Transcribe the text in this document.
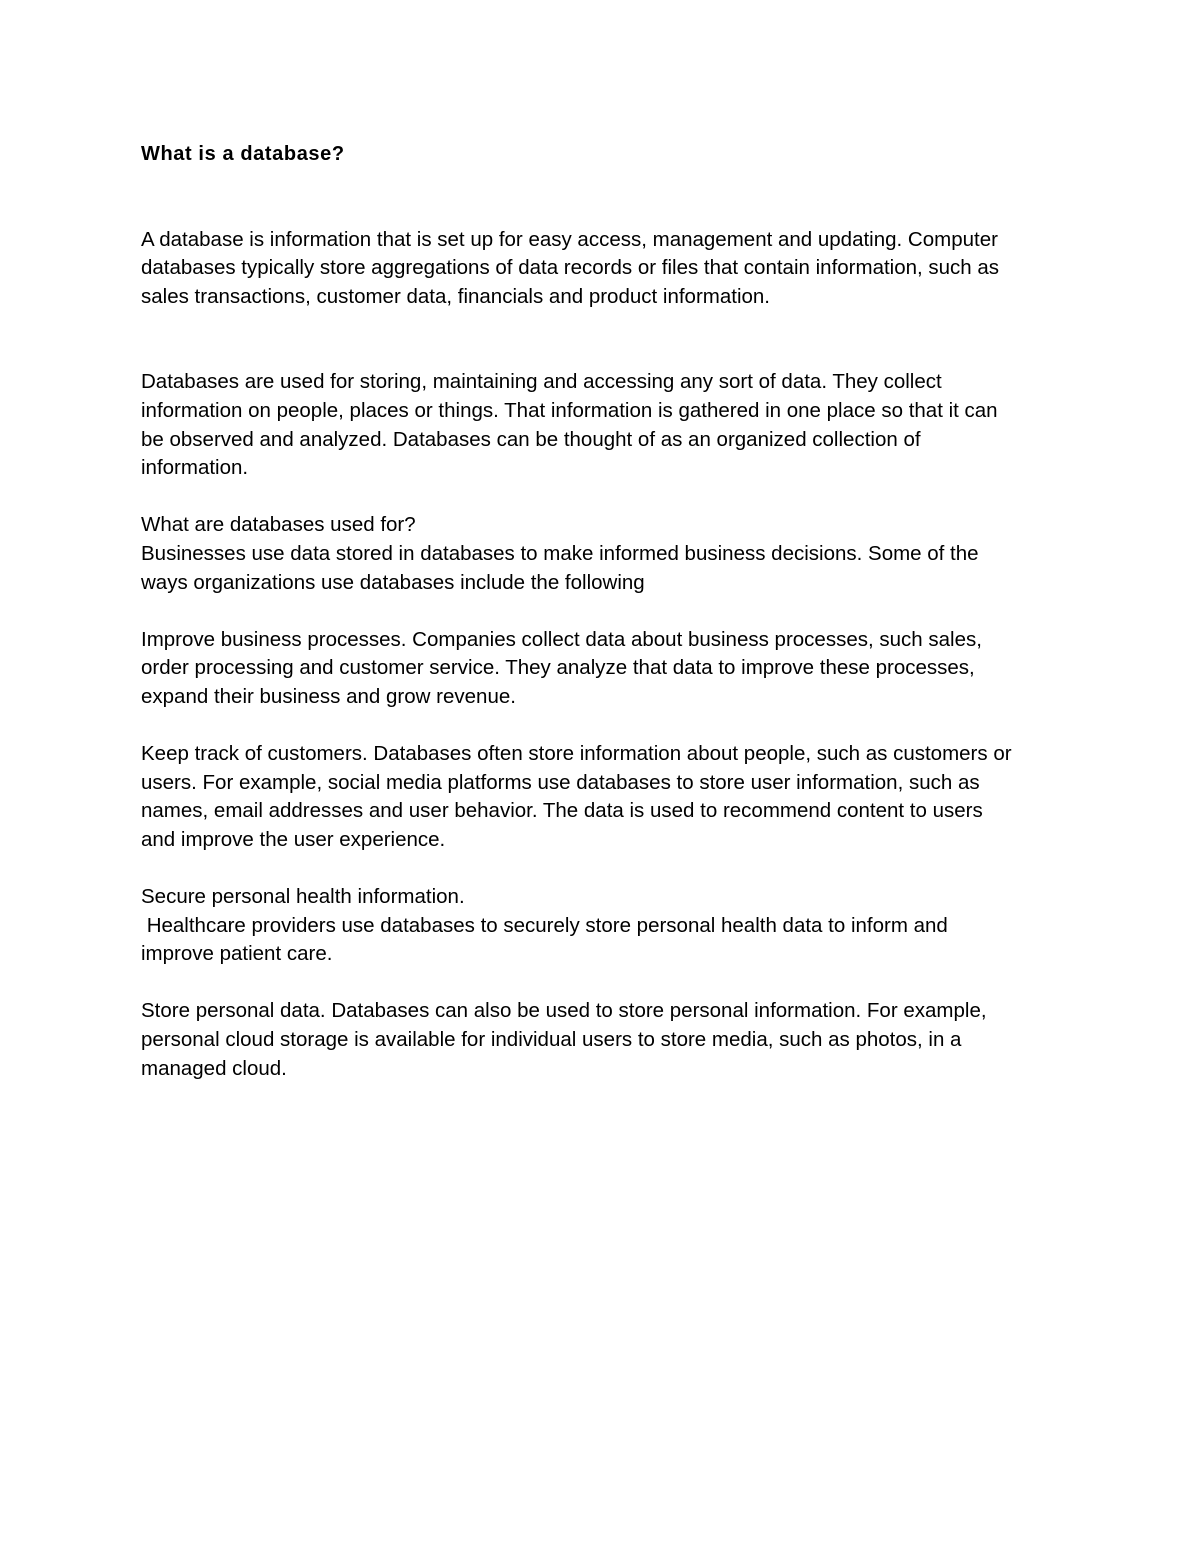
What is a database?
A database is information that is set up for easy access, management and updating. Computer
databases typically store aggregations of data records or files that contain information, such as
sales transactions, customer data, financials and product information.
Databases are used for storing, maintaining and accessing any sort of data. They collect
information on people, places or things. That information is gathered in one place so that it can
be observed and analyzed. Databases can be thought of as an organized collection of
information.
What are databases used for?
Businesses use data stored in databases to make informed business decisions. Some of the
ways organizations use databases include the following
Improve business processes. Companies collect data about business processes, such sales,
order processing and customer service. They analyze that data to improve these processes,
expand their business and grow revenue.
Keep track of customers. Databases often store information about people, such as customers or
users. For example, social media platforms use databases to store user information, such as
names, email addresses and user behavior. The data is used to recommend content to users
and improve the user experience.
Secure personal health information.
Healthcare providers use databases to securely store personal health data to inform and
improve patient care.
Store personal data. Databases can also be used to store personal information. For example,
personal cloud storage is available for individual users to store media, such as photos, in a
managed cloud.
